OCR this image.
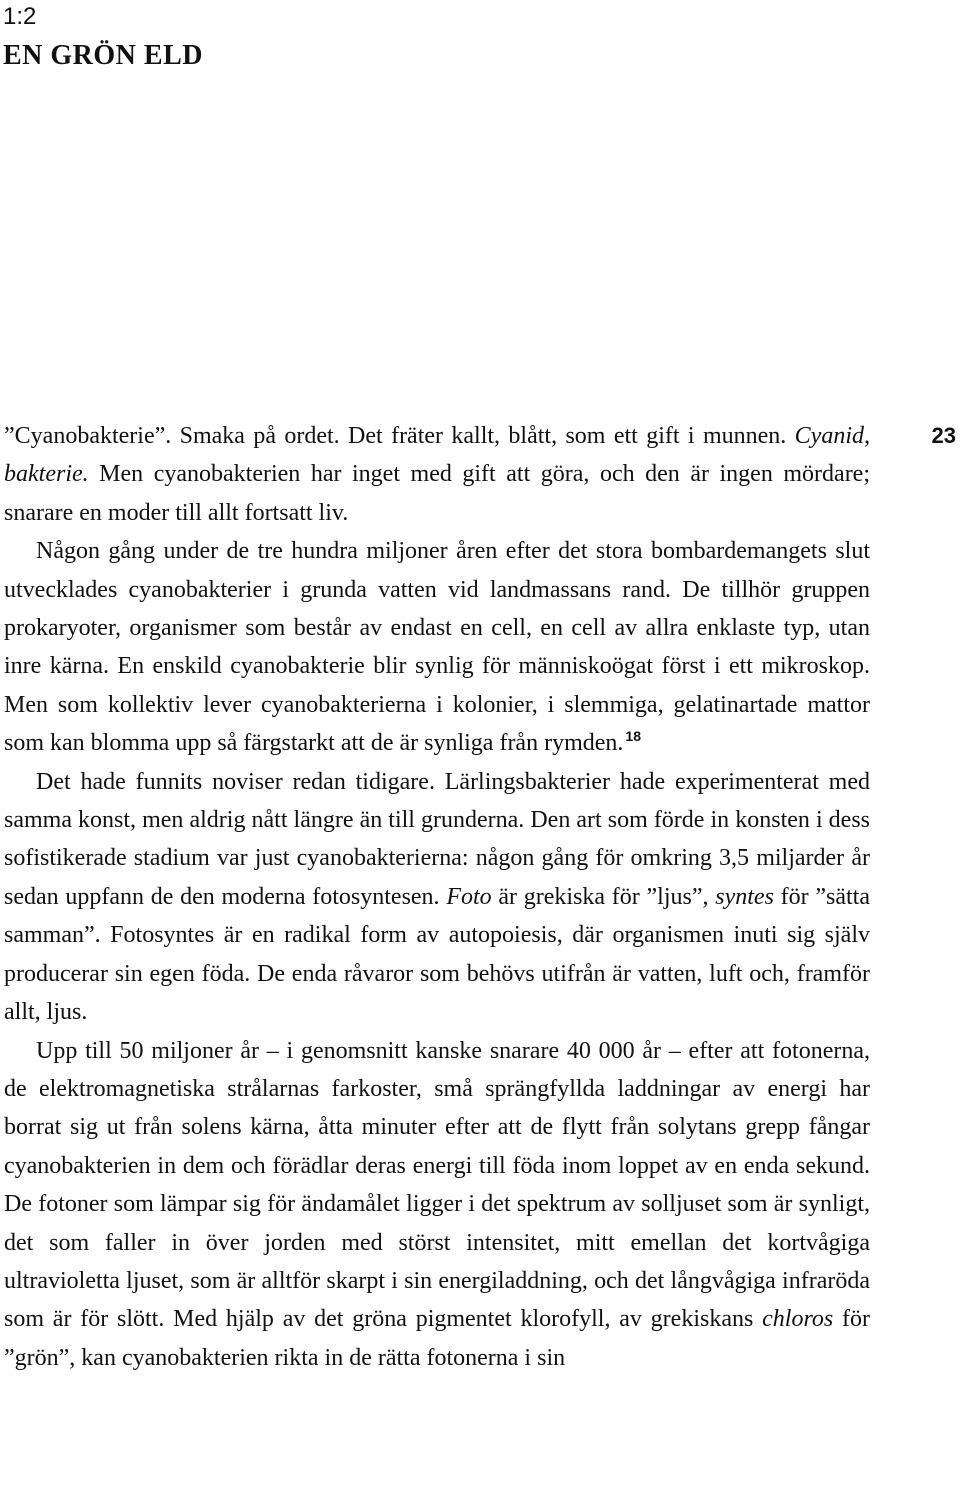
1:2
EN GRÖN ELD
23

”Cyanobakterie”. Smaka på ordet. Det fräter kallt, blått, som ett gift i munnen. Cyanid, bakterie. Men cyanobakterien har inget med gift att göra, och den är ingen mördare; snarare en moder till allt fortsatt liv.

Någon gång under de tre hundra miljoner åren efter det stora bombardemangets slut utvecklades cyanobakterier i grunda vatten vid landmassans rand. De tillhör gruppen prokaryoter, organismer som består av endast en cell, en cell av allra enklaste typ, utan inre kärna. En enskild cyanobakterie blir synlig för människoögat först i ett mikroskop. Men som kollektiv lever cyanobakterierna i kolonier, i slemmiga, gelatinartade mattor som kan blomma upp så färgstarkt att de är synliga från rymden. $^{18}$

Det hade funnits noviser redan tidigare. Lärlingsbakterier hade experimenterat med samma konst, men aldrig nått längre än till grunderna. Den art som förde in konsten i dess sofistikerade stadium var just cyanobakterierna: någon gång för omkring 3,5 miljarder år sedan uppfann de den moderna fotosyntesen. Foto är grekiska för ”ljus”, syntes för ”sätta samman”. Fotosyntes är en radikal form av autopoiesis, där organismen inuti sig själv producerar sin egen föda. De enda råvaror som behövs utifrån är vatten, luft och, framför allt, ljus.

Upp till 50 miljoner år – i genomsnitt kanske snarare 40 000 år – efter att fotonerna, de elektromagnetiska strålarnas farkoster, små sprängfyllda laddningar av energi har borrat sig ut från solens kärna, åtta minuter efter att de flytt från solytans grepp fångar cyanobakterien in dem och förädlar deras energi till föda inom loppet av en enda sekund. De fotoner som lämpar sig för ändamålet ligger i det spektrum av solljuset som är synligt, det som faller in över jorden med störst intensitet, mitt emellan det kortvågiga ultravioletta ljuset, som är alltför skarpt i sin energiladdning, och det långvågiga infraröda som är för slött. Med hjälp av det gröna pigmentet klorofyll, av grekiskans chloros för ”grön”, kan cyanobakterien rikta in de rätta fotonerna i sin
